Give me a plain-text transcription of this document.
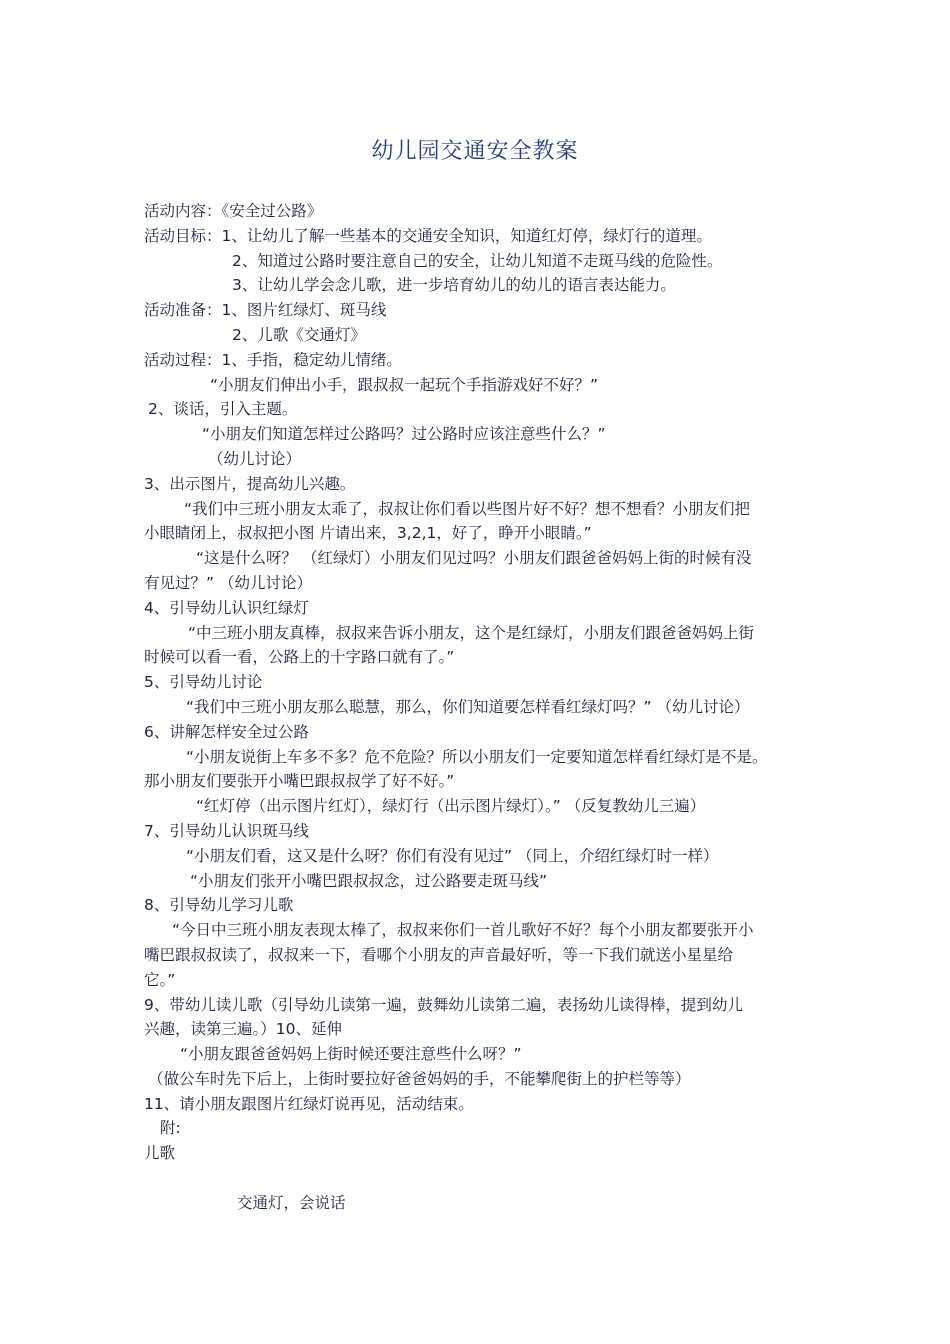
幼儿园交通安全教案
活动内容：《安全过公路》
活动目标：1、让幼儿了解一些基本的交通安全知识，知道红灯停，绿灯行的道理。
2、知道过公路时要注意自己的安全，让幼儿知道不走斑马线的危险性。
3、让幼儿学会念儿歌，进一步培育幼儿的幼儿的语言表达能力。
活动准备：1、图片红绿灯、斑马线
2、儿歌《交通灯》
活动过程：1、手指，稳定幼儿情绪。
“小朋友们伸出小手，跟叔叔一起玩个手指游戏好不好？”
2、谈话，引入主题。
“小朋友们知道怎样过公路吗？过公路时应该注意些什么？”
（幼儿讨论）
3、出示图片，提高幼儿兴趣。
“我们中三班小朋友太乖了，叔叔让你们看以些图片好不好？想不想看？小朋友们把
小眼睛闭上，叔叔把小图 片请出来，3,2,1，好了，睁开小眼睛。”
“这是什么呀？ （红绿灯）小朋友们见过吗？小朋友们跟爸爸妈妈上街的时候有没
有见过？” （幼儿讨论）
4、引导幼儿认识红绿灯
“中三班小朋友真棒，叔叔来告诉小朋友，这个是红绿灯，小朋友们跟爸爸妈妈上街
时候可以看一看，公路上的十字路口就有了。”
5、引导幼儿讨论
“我们中三班小朋友那么聪慧，那么，你们知道要怎样看红绿灯吗？” （幼儿讨论）
6、讲解怎样安全过公路
“小朋友说街上车多不多？危不危险？所以小朋友们一定要知道怎样看红绿灯是不是。
那小朋友们要张开小嘴巴跟叔叔学了好不好。”
“红灯停（出示图片红灯），绿灯行（出示图片绿灯）。” （反复教幼儿三遍）
7、引导幼儿认识斑马线
“小朋友们看，这又是什么呀？你们有没有见过” （同上，介绍红绿灯时一样）
“小朋友们张开小嘴巴跟叔叔念，过公路要走斑马线”
8、引导幼儿学习儿歌
“今日中三班小朋友表现太棒了，叔叔来你们一首儿歌好不好？每个小朋友都要张开小
嘴巴跟叔叔读了，叔叔来一下，看哪个小朋友的声音最好听，等一下我们就送小星星给
它。”
9、带幼儿读儿歌（引导幼儿读第一遍，鼓舞幼儿读第二遍，表扬幼儿读得棒，提到幼儿
兴趣，读第三遍。）10、延伸
“小朋友跟爸爸妈妈上街时候还要注意些什么呀？”
（做公车时先下后上，上街时要拉好爸爸妈妈的手，不能攀爬街上的护栏等等）
11、请小朋友跟图片红绿灯说再见，活动结束。
附:
儿歌
交通灯，会说话
